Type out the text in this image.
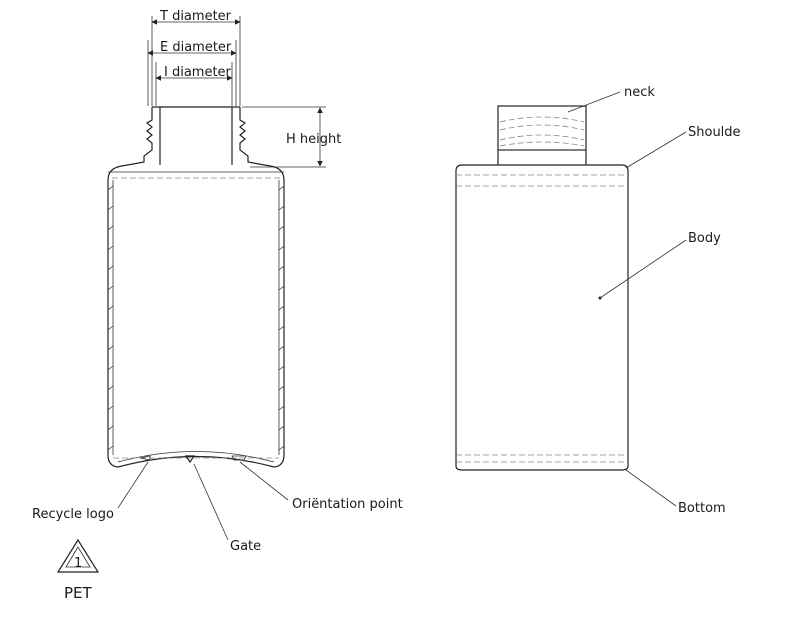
T diameter
E diameter
I diameter
H height
Recycle logo
Gate
Oriëntation point
neck
Shoulde
Body
Bottom
1
PET
